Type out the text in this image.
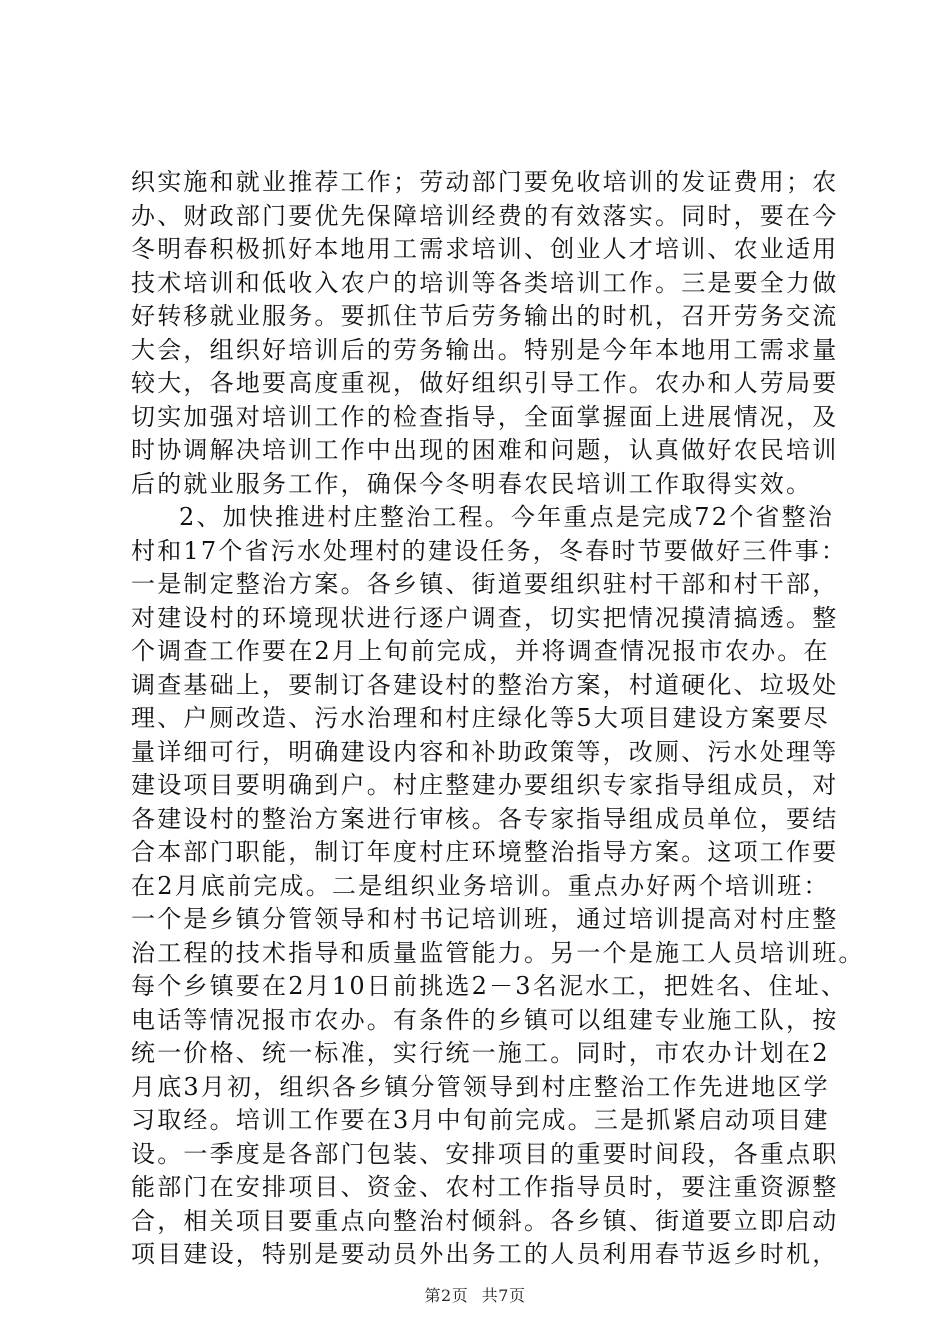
织实施和就业推荐工作；劳动部门要免收培训的发证费用；农
办、财政部门要优先保障培训经费的有效落实。同时，要在今
冬明春积极抓好本地用工需求培训、创业人才培训、农业适用
技术培训和低收入农户的培训等各类培训工作。三是要全力做
好转移就业服务。要抓住节后劳务输出的时机，召开劳务交流
大会，组织好培训后的劳务输出。特别是今年本地用工需求量
较大，各地要高度重视，做好组织引导工作。农办和人劳局要
切实加强对培训工作的检查指导，全面掌握面上进展情况，及
时协调解决培训工作中出现的困难和问题，认真做好农民培训
后的就业服务工作，确保今冬明春农民培训工作取得实效。
2、加快推进村庄整治工程。今年重点是完成72个省整治
村和17个省污水处理村的建设任务，冬春时节要做好三件事：
一是制定整治方案。各乡镇、街道要组织驻村干部和村干部，
对建设村的环境现状进行逐户调查，切实把情况摸清搞透。整
个调查工作要在2月上旬前完成，并将调查情况报市农办。在
调查基础上，要制订各建设村的整治方案，村道硬化、垃圾处
理、户厕改造、污水治理和村庄绿化等5大项目建设方案要尽
量详细可行，明确建设内容和补助政策等，改厕、污水处理等
建设项目要明确到户。村庄整建办要组织专家指导组成员，对
各建设村的整治方案进行审核。各专家指导组成员单位，要结
合本部门职能，制订年度村庄环境整治指导方案。这项工作要
在2月底前完成。二是组织业务培训。重点办好两个培训班：
一个是乡镇分管领导和村书记培训班，通过培训提高对村庄整
治工程的技术指导和质量监管能力。另一个是施工人员培训班。
每个乡镇要在2月10日前挑选2－3名泥水工，把姓名、住址、
电话等情况报市农办。有条件的乡镇可以组建专业施工队，按
统一价格、统一标准，实行统一施工。同时，市农办计划在2
月底3月初，组织各乡镇分管领导到村庄整治工作先进地区学
习取经。培训工作要在3月中旬前完成。三是抓紧启动项目建
设。一季度是各部门包装、安排项目的重要时间段，各重点职
能部门在安排项目、资金、农村工作指导员时，要注重资源整
合，相关项目要重点向整治村倾斜。各乡镇、街道要立即启动
项目建设，特别是要动员外出务工的人员利用春节返乡时机，
第2页 共7页
